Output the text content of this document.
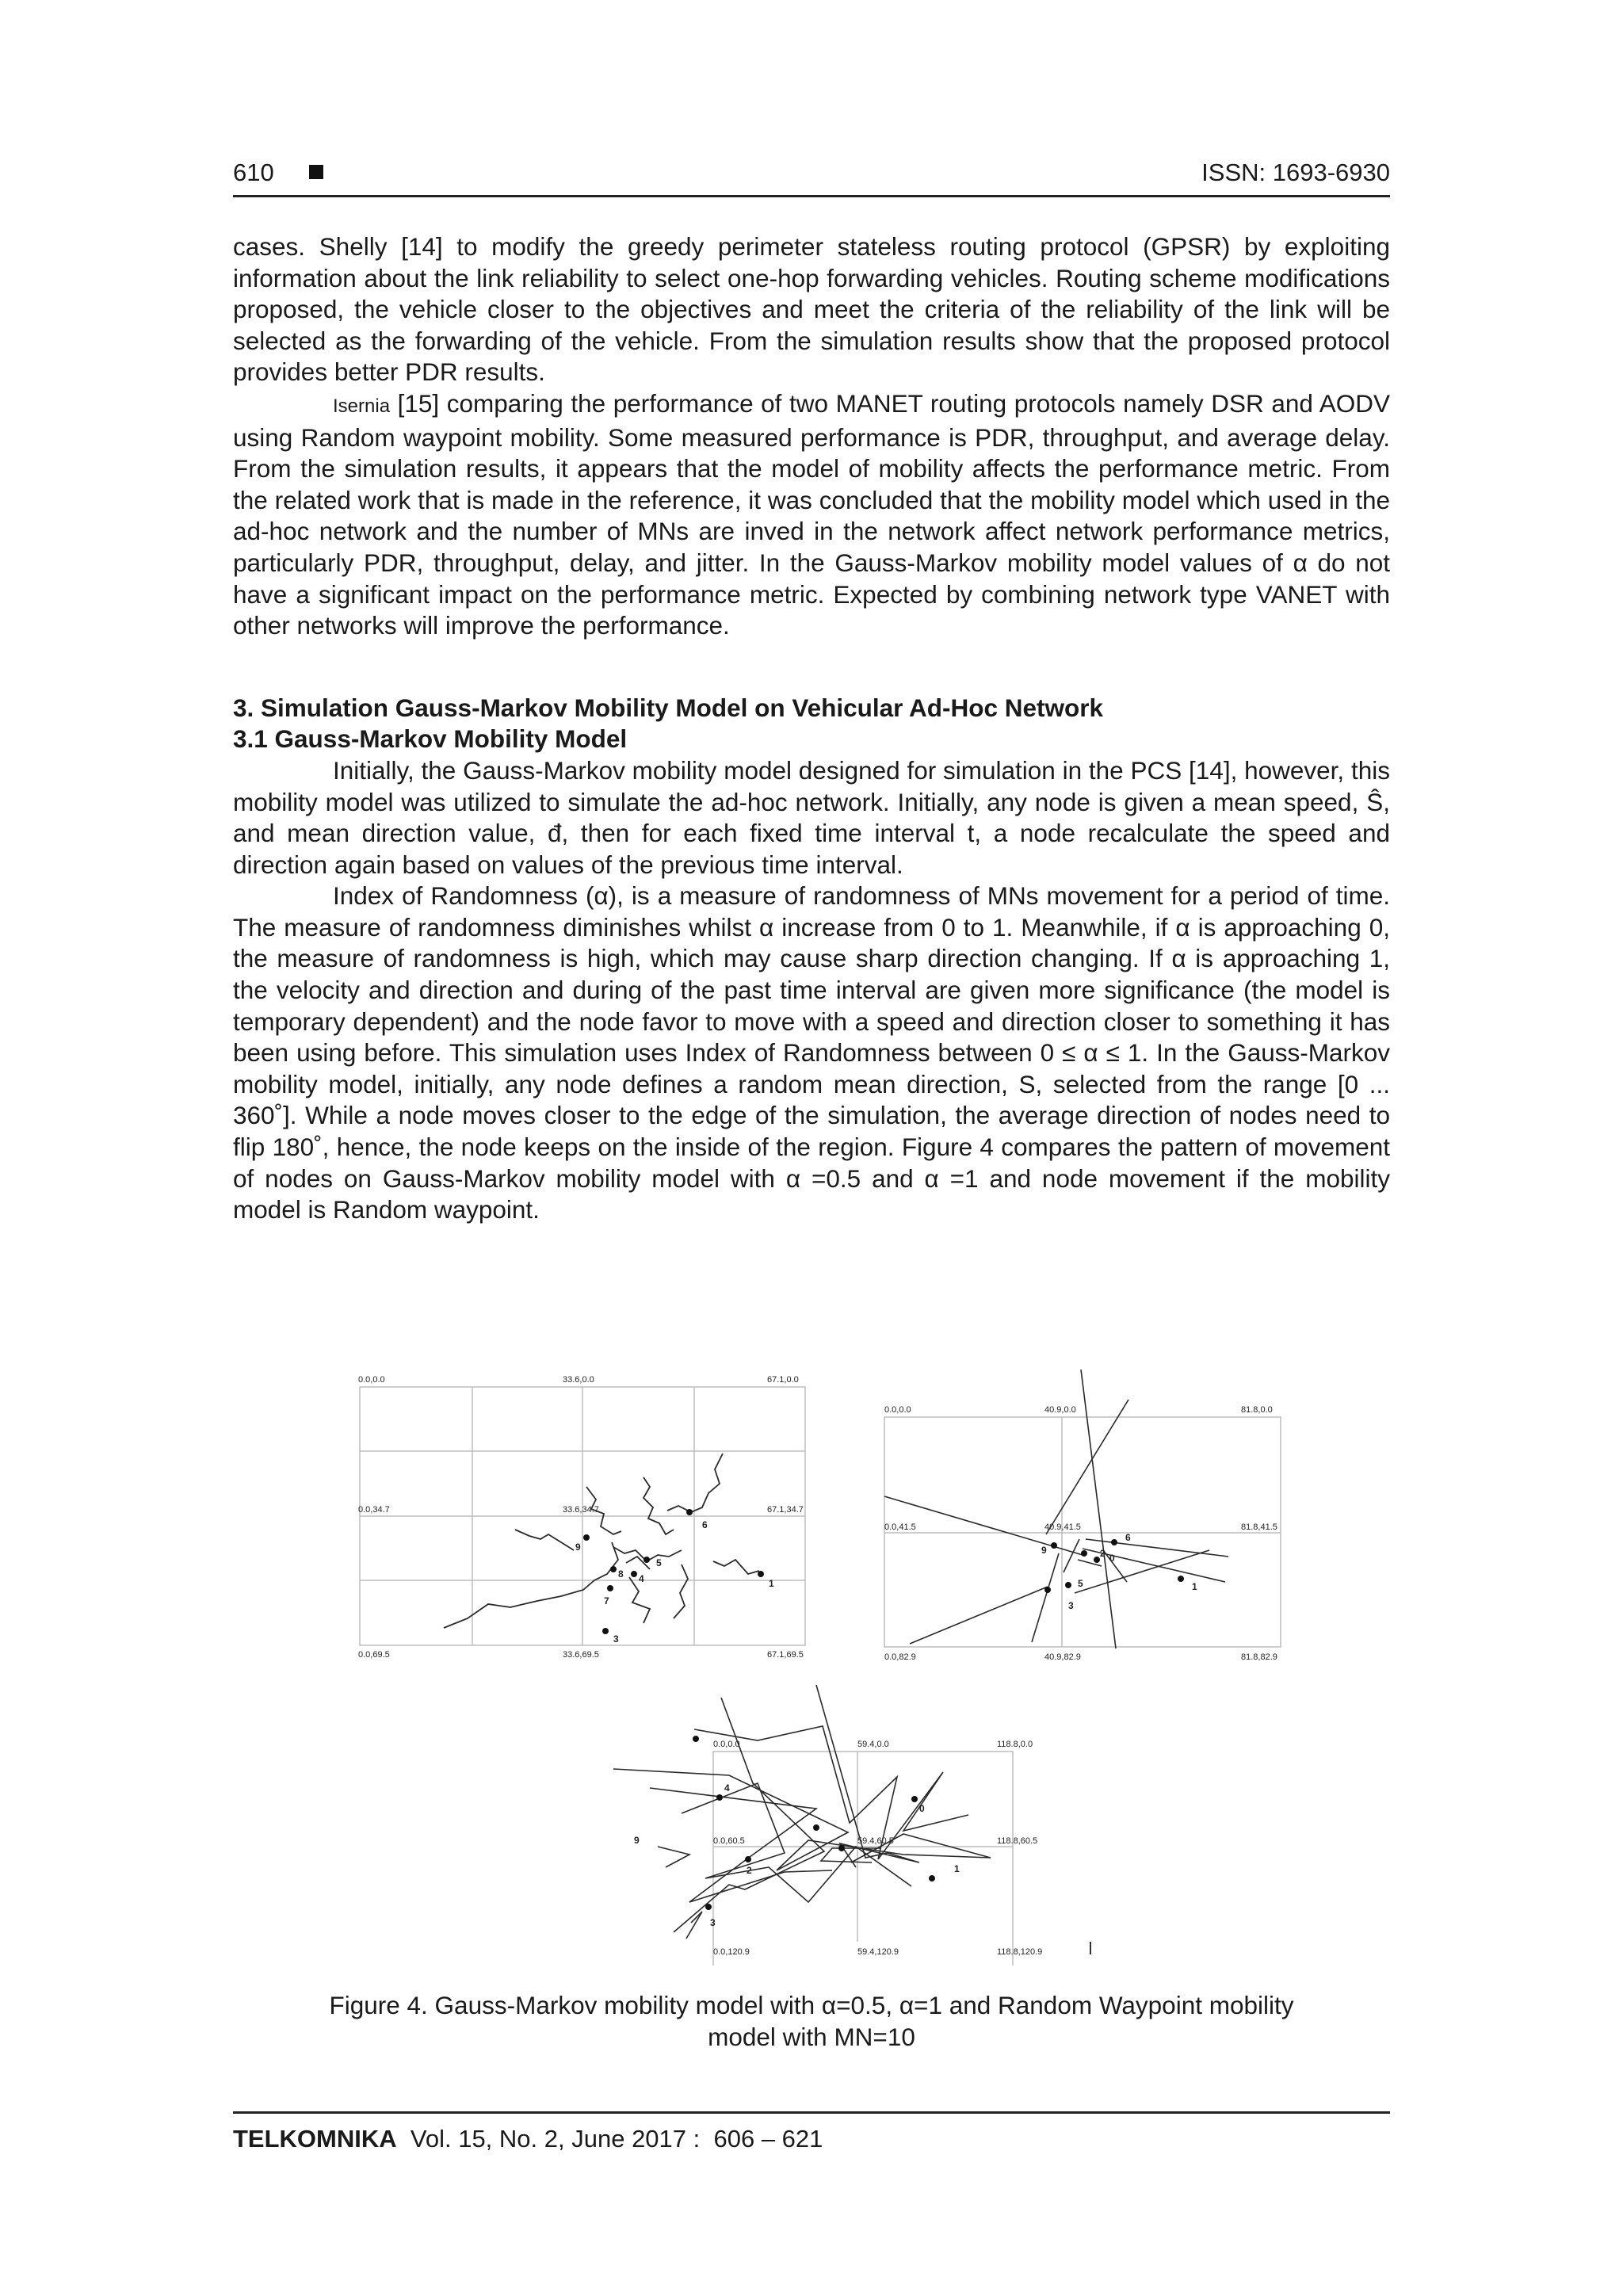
610	ISSN: 1693-6930

cases. Shelly [14] to modify the greedy perimeter stateless routing protocol (GPSR) by exploiting information about the link reliability to select one-hop forwarding vehicles. Routing scheme modifications proposed, the vehicle closer to the objectives and meet the criteria of the reliability of the link will be selected as the forwarding of the vehicle. From the simulation results show that the proposed protocol provides better PDR results.

Isernia [15] comparing the performance of two MANET routing protocols namely DSR and AODV using Random waypoint mobility. Some measured performance is PDR, throughput, and average delay. From the simulation results, it appears that the model of mobility affects the performance metric. From the related work that is made in the reference, it was concluded that the mobility model which used in the ad-hoc network and the number of MNs are inved in the network affect network performance metrics, particularly PDR, throughput, delay, and jitter. In the Gauss-Markov mobility model values of α do not have a significant impact on the performance metric. Expected by combining network type VANET with other networks will improve the performance.

3. Simulation Gauss-Markov Mobility Model on Vehicular Ad-Hoc Network

3.1 Gauss-Markov Mobility Model

Initially, the Gauss-Markov mobility model designed for simulation in the PCS [14], however, this mobility model was utilized to simulate the ad-hoc network. Initially, any node is given a mean speed, Ŝ, and mean direction value, đ, then for each fixed time interval t, a node recalculate the speed and direction again based on values of the previous time interval.

Index of Randomness (α), is a measure of randomness of MNs movement for a period of time. The measure of randomness diminishes whilst α increase from 0 to 1. Meanwhile, if α is approaching 0, the measure of randomness is high, which may cause sharp direction changing. If α is approaching 1, the velocity and direction and during of the past time interval are given more significance (the model is temporary dependent) and the node favor to move with a speed and direction closer to something it has been using before. This simulation uses Index of Randomness between 0 ≤ α ≤ 1. In the Gauss-Markov mobility model, initially, any node defines a random mean direction, S, selected from the range [0 ... 360˚]. While a node moves closer to the edge of the simulation, the average direction of nodes need to flip 180˚, hence, the node keeps on the inside of the region. Figure 4 compares the pattern of movement of nodes on Gauss-Markov mobility model with α =0.5 and α =1 and node movement if the mobility model is Random waypoint.

0.0,0.0	33.6,0.0	67.1,0.0
0.0,34.7	33.6,34.7	67.1,34.7
0.0,69.5	33.6,69.5	67.1,69.5
6
9
5
4
7
1
8
3
0.0,0.0	40.9,0.0	81.8,0.0
0.0,41.5	40.9,41.5	81.8,41.5
0.0,82.9	40.9,82.9	81.8,82.9
6
9	2 0
1
5
3
0.0,0.0	59.4,0.0	118.8,0.0
0.0,60.5	59.4,60.5	118.8,60.5
0.0,120.9	59.4,120.9	118.8,120.9
4
9
0
2	1
3
Figure 4. Gauss-Markov mobility model with α=0.5, α=1 and Random Waypoint mobility
model with MN=10
TELKOMNIKA  Vol. 15, No. 2, June 2017 :  606 – 621
